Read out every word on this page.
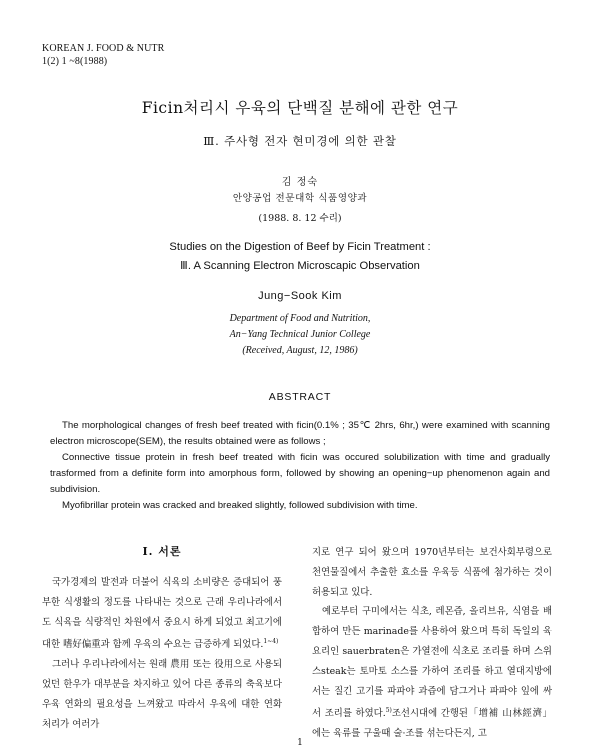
KOREAN J. FOOD & NUTR
1(2) 1 ~8(1988)
Ficin처리시 우육의 단백질 분해에 관한 연구
Ⅲ. 주사형 전자 현미경에 의한 관찰
김 정숙
안양공업 전문대학 식품영양과
(1988. 8. 12 수리)
Studies on the Digestion of Beef by Ficin Treatment :
Ⅲ. A Scanning Electron Microscapic Observation
Jung−Sook Kim
Department of Food and Nutrition,
An−Yang Technical Junior College
(Received, August, 12, 1986)
ABSTRACT

The morphological changes of fresh beef treated with ficin(0.1% ; 35℃ 2hrs, 6hr,) were examined with scanning electron microscope(SEM), the results obtained were as follows ;

Connective tissue protein in fresh beef treated with ficin was occured solubilization with time and gradually trasformed from a definite form into amorphous form, followed by showing an opening−up phenomenon again and subdivision.

Myofibrillar protein was cracked and breaked slightly, followed subdivision with time.

Ⅰ. 서론

국가경제의 발전과 더불어 식육의 소비량은 증대되어 풍부한 식생활의 정도를 나타내는 것으로 근래 우리나라에서도 식육을 식량적인 차원에서 중요시 하게 되었고 최고기에 대한 嗜好偏重과 함께 우육의 수요는 급증하게 되었다.$^{1\sim 4)}$

그러나 우리나라에서는 원래 農用 또는 役用으로 사용되었던 한우가 대부분을 차지하고 있어 다른 종류의 축육보다 우육 연화의 필요성을 느껴왔고 따라서 우육에 대한 연화 처리가 여러가

지로 연구 되어 왔으며 1970년부터는 보건사회부령으로 천연물질에서 추출한 효소를 우육등 식품에 첨가하는 것이 허용되고 있다.

예로부터 구미에서는 식초, 레몬즙, 올리브유, 식염을 배합하여 만든 marinade를 사용하여 왔으며 특히 독일의 육요리인 sauerbraten은 가열전에 식초로 조리를 하며 스위스steak는 토마토 소스를 가하여 조리를 하고 열대지방에서는 질긴 고기를 파파야 과즙에 담그거나 파파야 잎에 싸서 조리를 하였다.$^{5)}$조선시대에 간행된「增補 山林經濟」에는 육류를 구울때 술·조를 섞는다든지, 고

1
